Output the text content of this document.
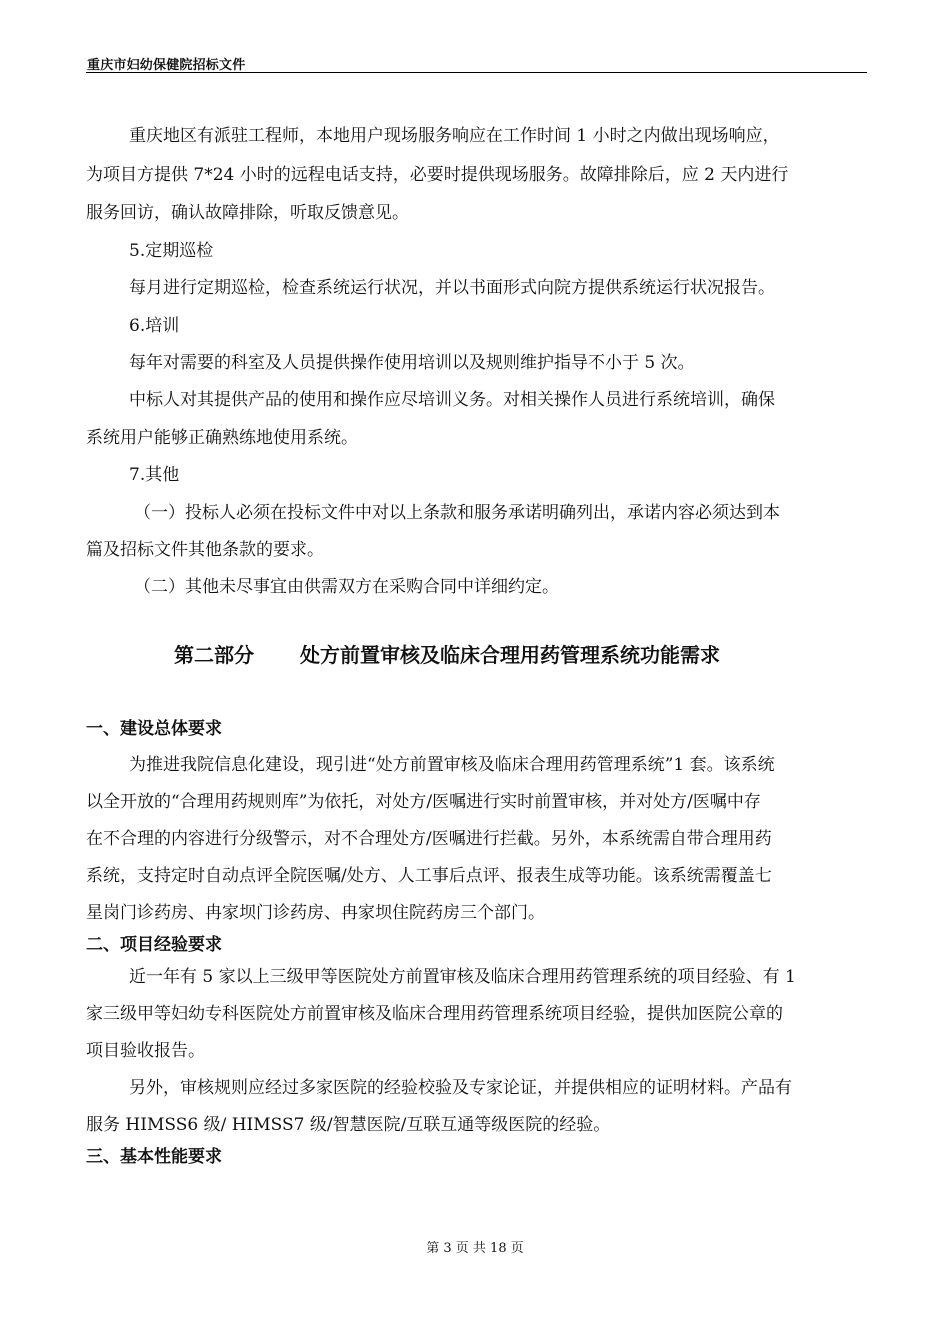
重庆市妇幼保健院招标文件
重庆地区有派驻工程师，本地用户现场服务响应在工作时间 1 小时之内做出现场响应，
为项目方提供 7*24 小时的远程电话支持，必要时提供现场服务。故障排除后，应 2 天内进行
服务回访，确认故障排除，听取反馈意见。
5.定期巡检
每月进行定期巡检，检查系统运行状况，并以书面形式向院方提供系统运行状况报告。
6.培训
每年对需要的科室及人员提供操作使用培训以及规则维护指导不小于 5 次。
中标人对其提供产品的使用和操作应尽培训义务。对相关操作人员进行系统培训，确保
系统用户能够正确熟练地使用系统。
7.其他
（一）投标人必须在投标文件中对以上条款和服务承诺明确列出，承诺内容必须达到本
篇及招标文件其他条款的要求。
（二）其他未尽事宜由供需双方在采购合同中详细约定。
第二部分 处方前置审核及临床合理用药管理系统功能需求
一、建设总体要求
为推进我院信息化建设，现引进“处方前置审核及临床合理用药管理系统”1 套。该系统
以全开放的“合理用药规则库”为依托，对处方/医嘱进行实时前置审核，并对处方/医嘱中存
在不合理的内容进行分级警示，对不合理处方/医嘱进行拦截。另外，本系统需自带合理用药
系统，支持定时自动点评全院医嘱/处方、人工事后点评、报表生成等功能。该系统需覆盖七
星岗门诊药房、冉家坝门诊药房、冉家坝住院药房三个部门。
二、项目经验要求
近一年有 5 家以上三级甲等医院处方前置审核及临床合理用药管理系统的项目经验、有 1
家三级甲等妇幼专科医院处方前置审核及临床合理用药管理系统项目经验，提供加医院公章的
项目验收报告。
另外，审核规则应经过多家医院的经验校验及专家论证，并提供相应的证明材料。产品有
服务 HIMSS6 级/ HIMSS7 级/智慧医院/互联互通等级医院的经验。
三、基本性能要求
第 3 页 共 18 页
